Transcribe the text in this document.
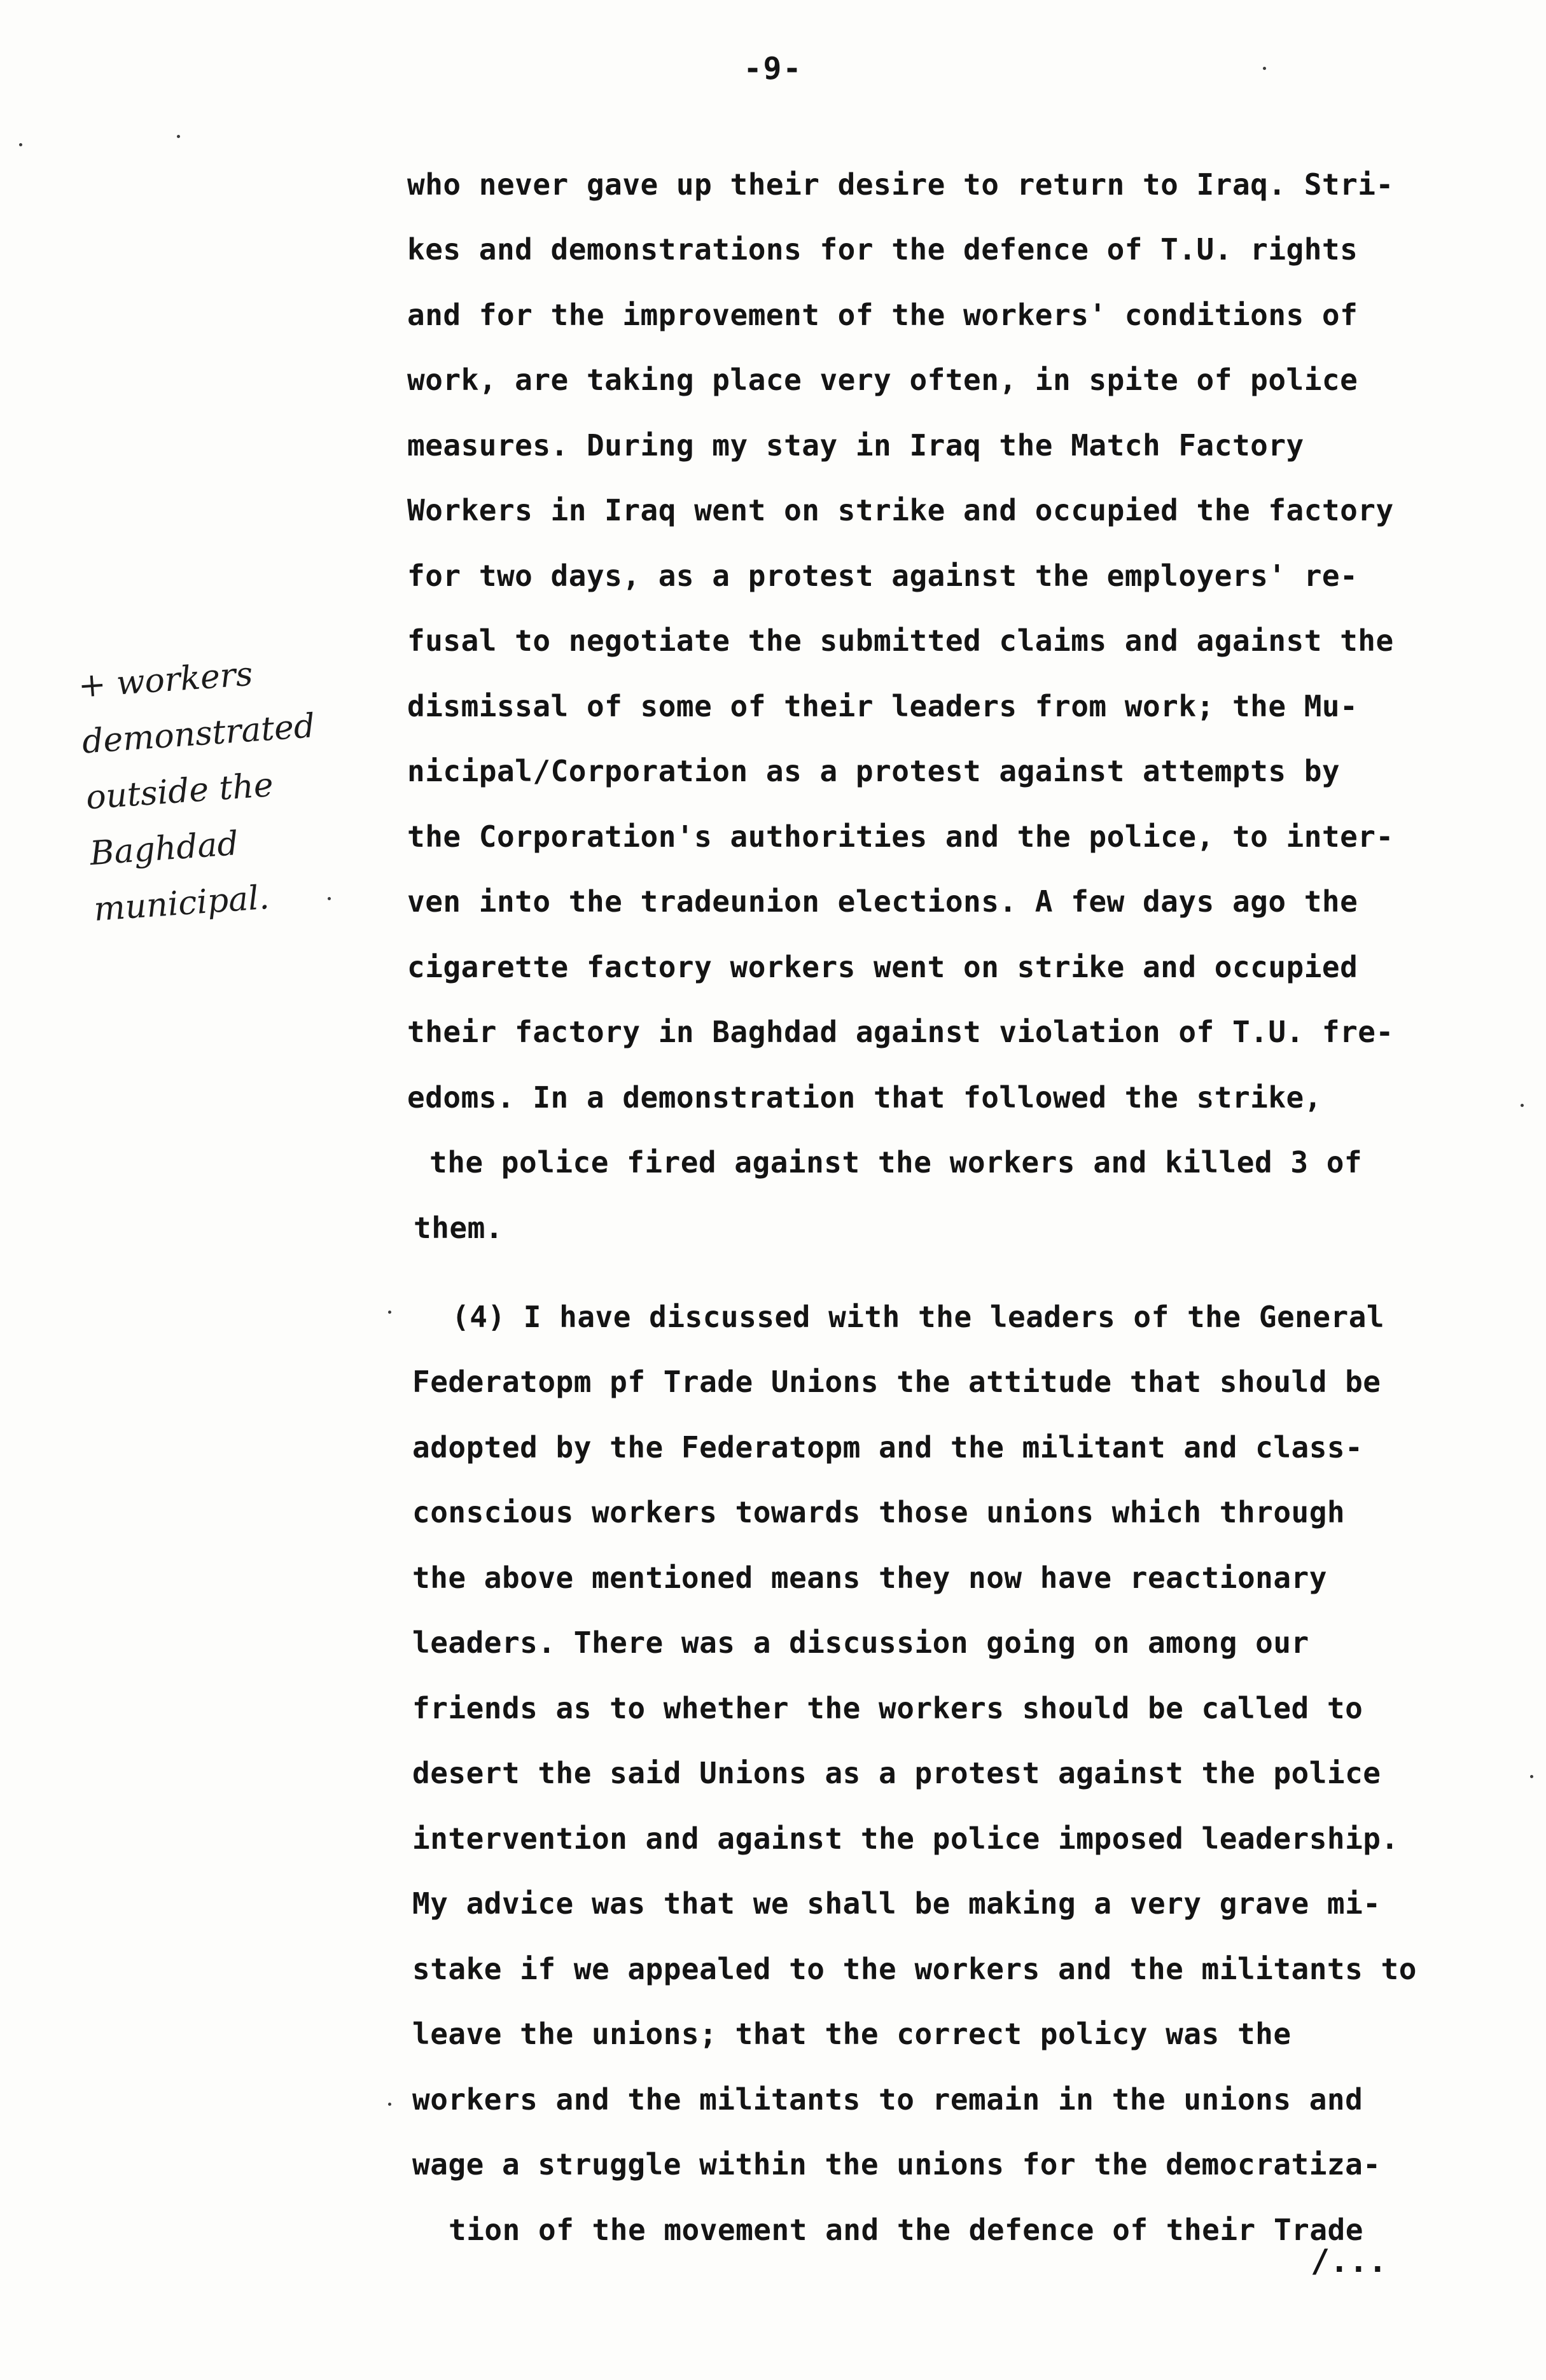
-9-
who never gave up their desire to return to Iraq. Stri-
kes and demonstrations for the defence of T.U. rights
and for the improvement of the workers' conditions of
work, are taking place very often, in spite of police
measures. During my stay in Iraq the Match Factory
Workers in Iraq went on strike and occupied the factory
for two days, as a protest against the employers' re-
fusal to negotiate the submitted claims and against the
dismissal of some of their leaders from work; the Mu-
nicipal/Corporation as a protest against attempts by
the Corporation's authorities and the police, to inter-
ven into the tradeunion elections. A few days ago the
cigarette factory workers went on strike and occupied
their factory in Baghdad against violation of T.U. fre-
edoms. In a demonstration that followed the strike,
the police fired against the workers and killed 3 of
them.
(4) I have discussed with the leaders of the General
Federatopm pf Trade Unions the attitude that should be
adopted by the Federatopm and the militant and class-
conscious workers towards those unions which through
the above mentioned means they now have reactionary
leaders. There was a discussion going on among our
friends as to whether the workers should be called to
desert the said Unions as a protest against the police
intervention and against the police imposed leadership.
My advice was that we shall be making a very grave mi-
stake if we appealed to the workers and the militants to
leave the unions; that the correct policy was the
workers and the militants to remain in the unions and
wage a struggle within the unions for the democratiza-
tion of the movement and the defence of their Trade
/...
+ workers
demonstrated
outside the
Baghdad
municipal.
